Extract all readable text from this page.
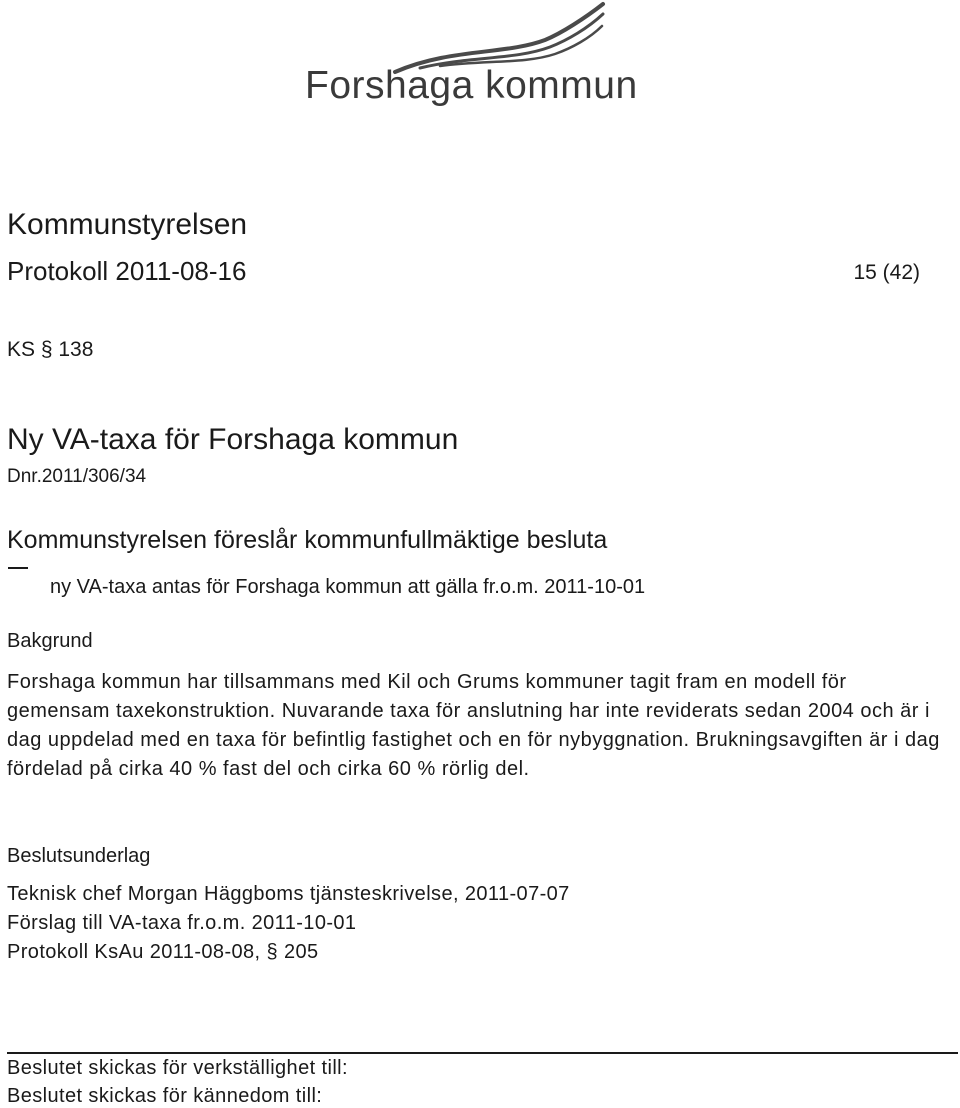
Forshaga kommun
Kommunstyrelsen
Protokoll 2011-08-16	15 (42)
KS § 138
Ny VA-taxa för Forshaga kommun
Dnr.2011/306/34
Kommunstyrelsen föreslår kommunfullmäktige besluta
ny VA-taxa antas för Forshaga kommun att gälla fr.o.m. 2011-10-01
Bakgrund
Forshaga kommun har tillsammans med Kil och Grums kommuner tagit fram en modell för gemensam taxekonstruktion. Nuvarande taxa för anslutning har inte reviderats sedan 2004 och är i dag uppdelad med en taxa för befintlig fastighet och en för nybyggnation. Brukningsavgiften är i dag fördelad på cirka 40 % fast del och cirka 60 % rörlig del.
Beslutsunderlag
Teknisk chef Morgan Häggboms tjänsteskrivelse, 2011-07-07
Förslag till VA-taxa fr.o.m. 2011-10-01
Protokoll KsAu 2011-08-08, § 205
Beslutet skickas för verkställighet till:
Beslutet skickas för kännedom till:
